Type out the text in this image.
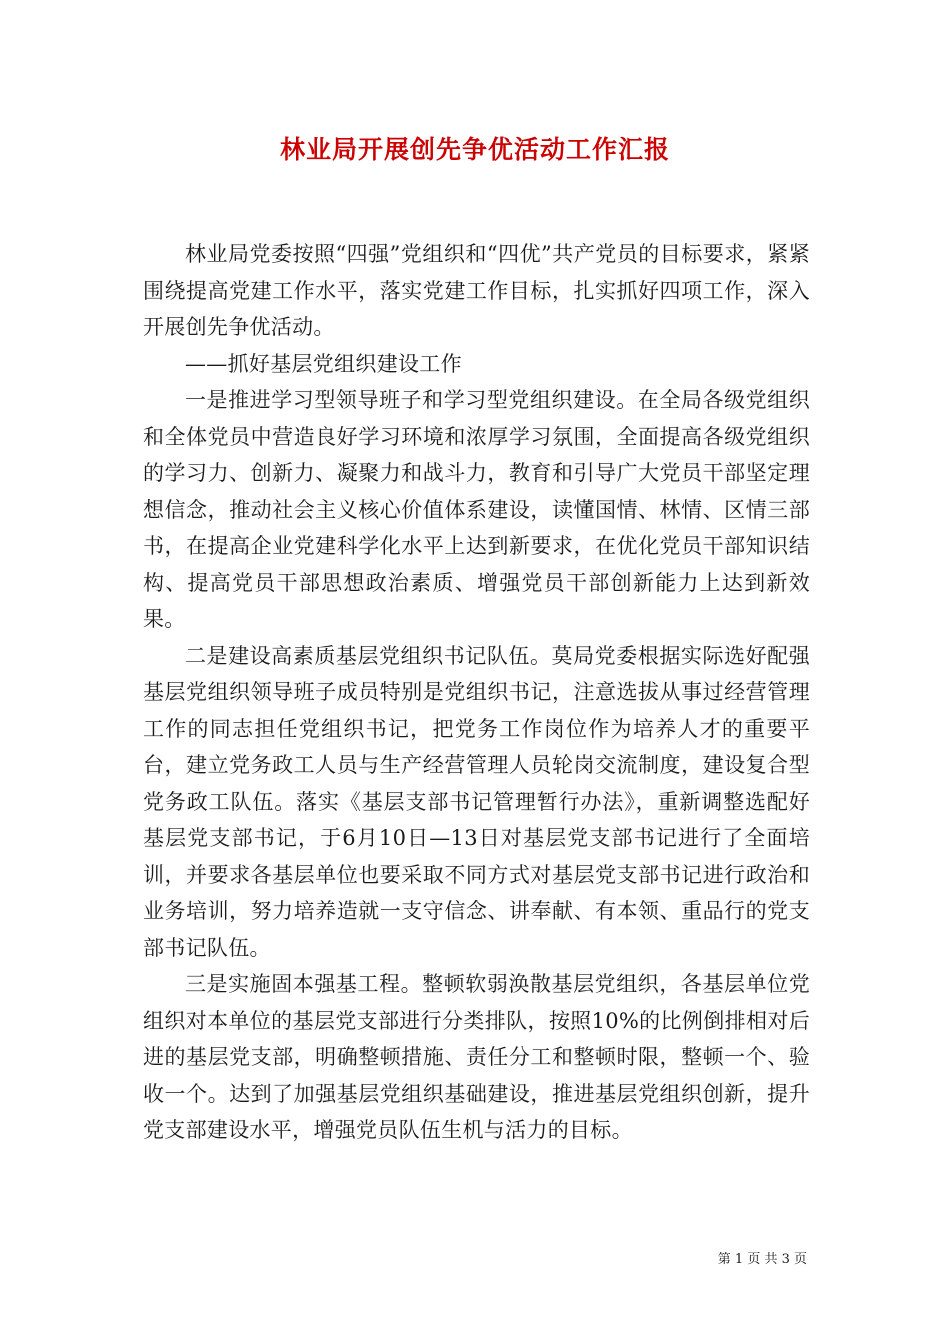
林业局开展创先争优活动工作汇报

林业局党委按照“四强”党组织和“四优”共产党员的目标要求，紧紧围绕提高党建工作水平，落实党建工作目标，扎实抓好四项工作，深入开展创先争优活动。

——抓好基层党组织建设工作

一是推进学习型领导班子和学习型党组织建设。在全局各级党组织和全体党员中营造良好学习环境和浓厚学习氛围，全面提高各级党组织的学习力、创新力、凝聚力和战斗力，教育和引导广大党员干部坚定理想信念，推动社会主义核心价值体系建设，读懂国情、林情、区情三部书，在提高企业党建科学化水平上达到新要求，在优化党员干部知识结构、提高党员干部思想政治素质、增强党员干部创新能力上达到新效果。

二是建设高素质基层党组织书记队伍。莫局党委根据实际选好配强基层党组织领导班子成员特别是党组织书记，注意选拔从事过经营管理工作的同志担任党组织书记，把党务工作岗位作为培养人才的重要平台，建立党务政工人员与生产经营管理人员轮岗交流制度，建设复合型党务政工队伍。落实《基层支部书记管理暂行办法》，重新调整选配好基层党支部书记，于6月10日—13日对基层党支部书记进行了全面培训，并要求各基层单位也要采取不同方式对基层党支部书记进行政治和业务培训，努力培养造就一支守信念、讲奉献、有本领、重品行的党支部书记队伍。

三是实施固本强基工程。整顿软弱涣散基层党组织，各基层单位党组织对本单位的基层党支部进行分类排队，按照10%的比例倒排相对后进的基层党支部，明确整顿措施、责任分工和整顿时限，整顿一个、验收一个。达到了加强基层党组织基础建设，推进基层党组织创新，提升党支部建设水平，增强党员队伍生机与活力的目标。

第 1 页 共 3 页
